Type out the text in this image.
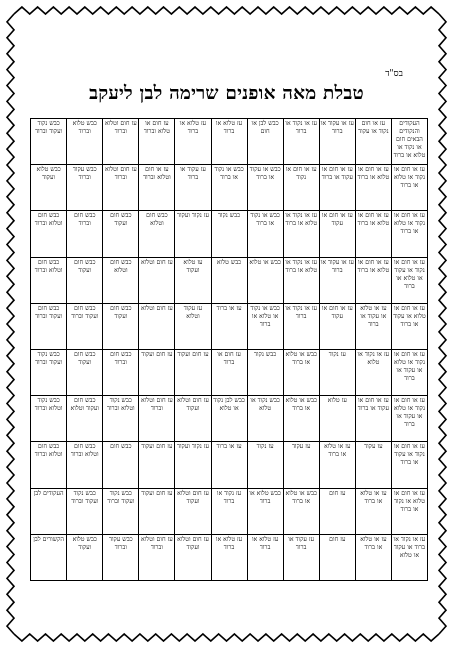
בס"ד
טבלת מאה אופנים שרימה לבן ליעקב
העקודים והנקודים הבאים חום או נקוד או טלוא או ברוד	עז או חום נקוד או עקוד	עז או עקוד או ברוד	עז או נקוד או ברוד	כבש לבן או חום	עז טלוא או ברוד	עז טלוא או ברוד	עז חום או טלוא וברוד	עז חום וטלוא וברוד	כבש טלוא וברוד	כבש נקוד ועקוד וברוד
עז או חום או נקוד או טלוא או ברוד	עז או חום או טלוא או ברוד	עז או חום או עקוד או ברוד	עז או חום או נקוד	כבש או עקוד או ברוד	כבש או נקוד או ברוד	עז עקוד או ברוד	עז או חום וטלוא וברוד	עז חום וטלוא וברוד	כבש עקוד וברוד	כבש טלוא ועקוד
עז או חום או נקוד או טלוא או ברוד	עז או חום או טלוא או ברוד	עז או חום או עקוד	עז או נקוד או טלוא או ברוד	כבש או נקוד או ברוד	כבש נקוד	עז נקוד ועקוד	כבש חום וטלוא	כבש חום ועקוד	כבש חום וברוד	כבש חום וטלוא וברוד
עז או חום או נקוד או עקוד או טלוא או ברוד	עז או חום או טלוא או ברוד	עז או עקוד או ברוד	עז או נקוד או טלוא או ברוד	כבש או טלוא	כבש טלוא	עז טלוא ועקוד	עז חום וטלוא	כבש חום וטלוא	כבש חום ועקוד	כבש חום וטלוא וברוד
עז או חום או טלוא או עקוד או ברוד	עז או טלוא או עקוד או ברוד	עז או חום או עקוד	עז או נקוד או ברוד	כבש או נקוד או טלוא או ברוד	עז או ברוד	עז עקוד וטלוא	עז חום וטלוא	כבש חום ועקוד	כבש חום ועקוד וברוד	כבש חום ועקוד וברוד
עז או חום או נקוד או טלוא או עקוד או ברוד	עז או נקוד או טלוא	עז נקוד	כבש או טלוא או ברוד	כבש נקוד	עז חום או ברוד	עז חום ועקוד	עז חום ועקוד	כבש חום וברוד	כבש חום ועקוד	כבש נקוד ועקוד וברוד
עז או חום או נקוד או טלוא או עקוד או ברוד	עז או חום או עקוד או ברוד	עז טלוא	כבש או טלוא או ברוד	כבש נקוד או טלוא	כבש לבן נקוד או טלוא	עז חום וטלוא ועקוד	עז חום וטלוא וברוד	כבש נקוד וטלוא וברוד	כבש חום ועקוד וטלוא	כבש נקוד וטלוא וברוד
עז או חום או נקוד או עקוד או ברוד	עז עקוד	עז או טלוא או ברוד	עז עקוד	עז נקוד	עז או ברוד	עז נקוד ועקוד	עז חום ועקוד	כבש חום	כבש חום וטלוא וברוד	כבש חום וטלוא וברוד
עז או חום או טלוא או נקוד או ברוד	עז או טלוא או ברוד	עז חום	כבש או טלוא או ברוד	כבש טלוא או ברוד	עז נקוד או ברוד	עז חום וטלוא ועקוד	עז חום ועקוד	כבש נקוד ועקוד וברוד	כבש נקוד ועקוד וברוד	העקודים לבן
עז או נקוד או ברוד או עקוד או טלוא	עז או טלוא או ברוד	עז חום	עז עקוד או ברוד	עז טלוא או ברוד	עז טלוא או ברוד	עז חום וטלוא ועקוד	עז חום וטלוא וברוד	כבש עקוד וברוד	כבש טלוא ועקוד	הקשורים לבן
